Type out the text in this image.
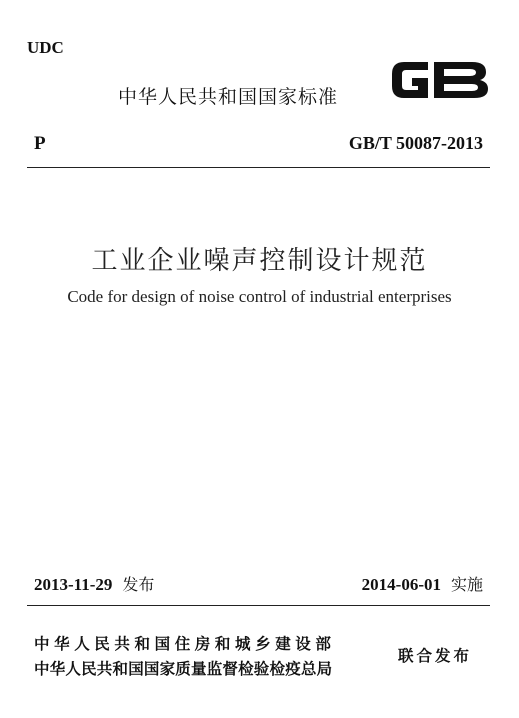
UDC
中华人民共和国国家标准
P	GB/T 50087-2013
工业企业噪声控制设计规范
Code for design of noise control of industrial enterprises
2013-11-29 发布	2014-06-01 实施
中华人民共和国住房和城乡建设部
中华人民共和国国家质量监督检验检疫总局
联合发布
